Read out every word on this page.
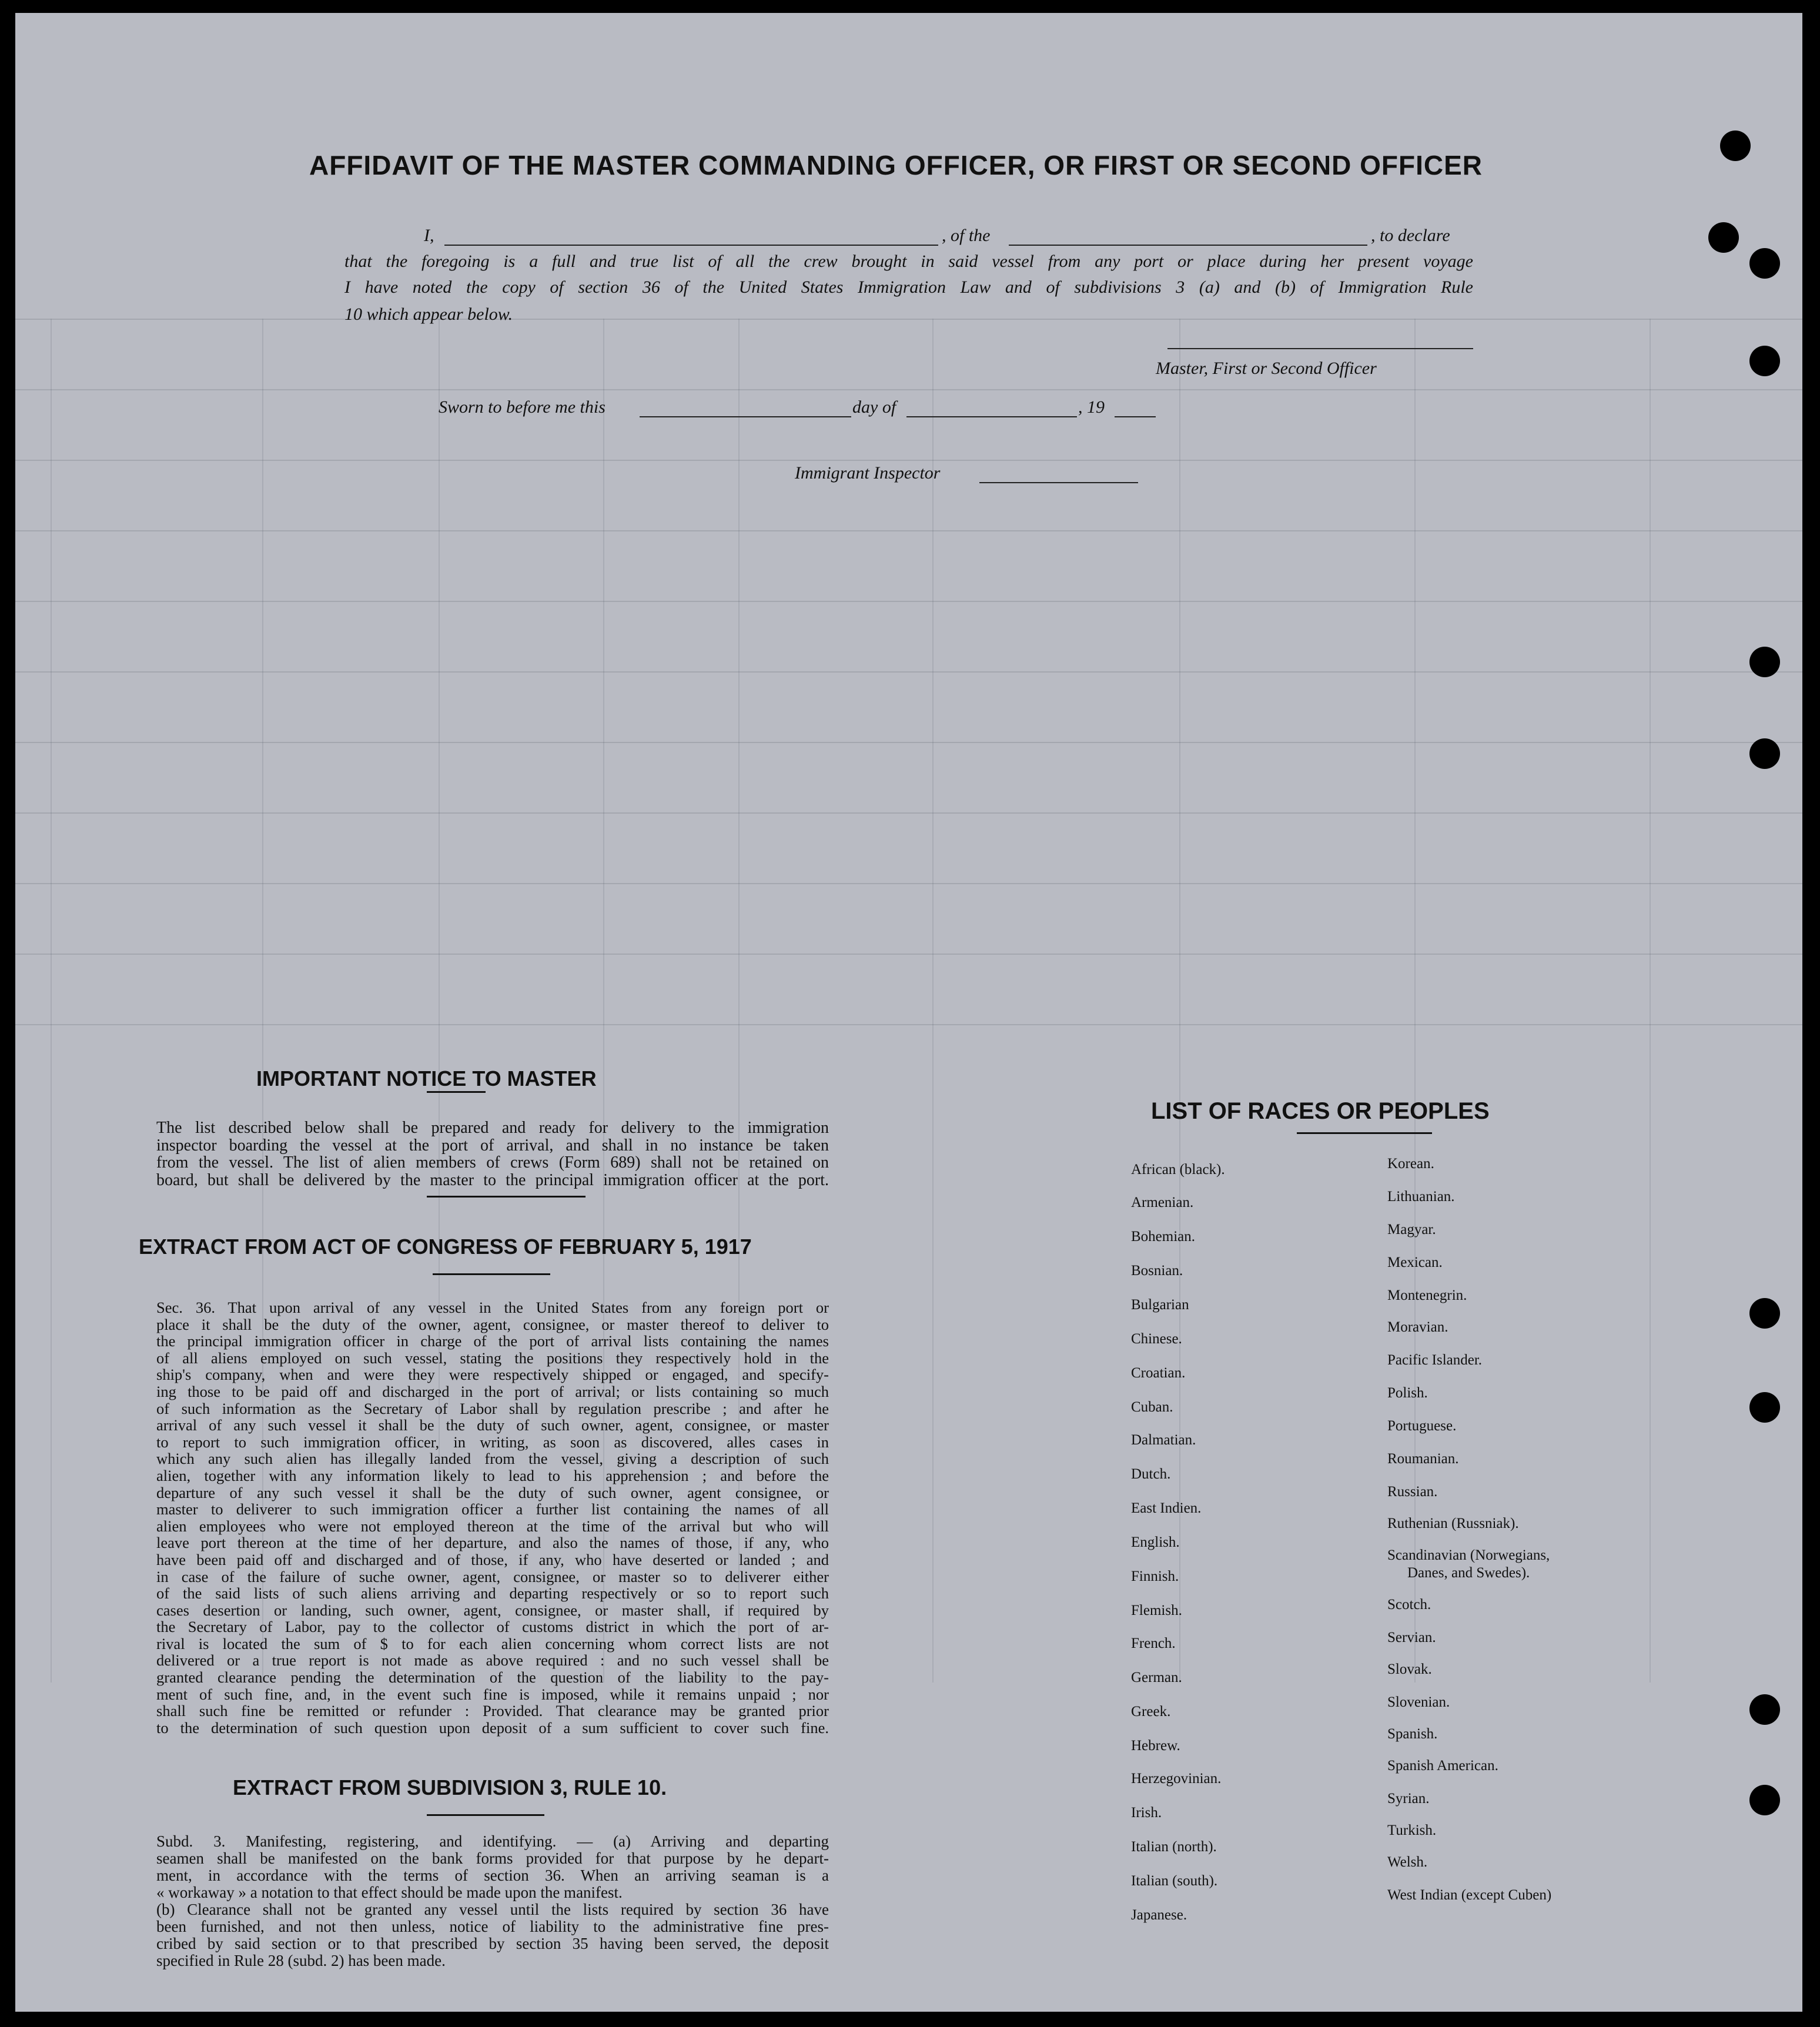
AFFIDAVIT OF THE MASTER COMMANDING OFFICER, OR FIRST OR SECOND OFFICER
I,	, of the	, to declare
that the foregoing is a full and true list of all the crew brought in said vessel from any port or place during her present voyage
I have noted the copy of section 36 of the United States Immigration Law and of subdivisions 3 (a) and (b) of Immigration Rule
10 which appear below.
Master, First or Second Officer
Sworn to before me this	day of	, 19
Immigrant Inspector
IMPORTANT NOTICE TO MASTER
The list described below shall be prepared and ready for delivery to the immigration
inspector boarding the vessel at the port of arrival, and shall in no instance be taken
from the vessel. The list of alien members of crews (Form 689) shall not be retained on
board, but shall be delivered by the master to the principal immigration officer at the port.
EXTRACT FROM ACT OF CONGRESS OF FEBRUARY 5, 1917
Sec. 36. That upon arrival of any vessel in the United States from any foreign port or
place it shall be the duty of the owner, agent, consignee, or master thereof to deliver to
the principal immigration officer in charge of the port of arrival lists containing the names
of all aliens employed on such vessel, stating the positions they respectively hold in the
ship's company, when and were they were respectively shipped or engaged, and specify-
ing those to be paid off and discharged in the port of arrival; or lists containing so much
of such information as the Secretary of Labor shall by regulation prescribe ; and after he
arrival of any such vessel it shall be the duty of such owner, agent, consignee, or master
to report to such immigration officer, in writing, as soon as discovered, alles cases in
which any such alien has illegally landed from the vessel, giving a description of such
alien, together with any information likely to lead to his apprehension ; and before the
departure of any such vessel it shall be the duty of such owner, agent consignee, or
master to deliverer to such immigration officer a further list containing the names of all
alien employees who were not employed thereon at the time of the arrival but who will
leave port thereon at the time of her departure, and also the names of those, if any, who
have been paid off and discharged and of those, if any, who have deserted or landed ; and
in case of the failure of suche owner, agent, consignee, or master so to deliverer either
of the said lists of such aliens arriving and departing respectively or so to report such
cases desertion or landing, such owner, agent, consignee, or master shall, if required by
the Secretary of Labor, pay to the collector of customs district in which the port of ar-
rival is located the sum of $ to for each alien concerning whom correct lists are not
delivered or a true report is not made as above required : and no such vessel shall be
granted clearance pending the determination of the question of the liability to the pay-
ment of such fine, and, in the event such fine is imposed, while it remains unpaid ; nor
shall such fine be remitted or refunder : Provided. That clearance may be granted prior
to the determination of such question upon deposit of a sum sufficient to cover such fine.
EXTRACT FROM SUBDIVISION 3, RULE 10.
Subd. 3. Manifesting, registering, and identifying. — (a) Arriving and departing
seamen shall be manifested on the bank forms provided for that purpose by he depart-
ment, in accordance with the terms of section 36. When an arriving seaman is a
« workaway » a notation to that effect should be made upon the manifest.
(b) Clearance shall not be granted any vessel until the lists required by section 36 have
been furnished, and not then unless, notice of liability to the administrative fine pres-
cribed by said section or to that prescribed by section 35 having been served, the deposit
specified in Rule 28 (subd. 2) has been made.
LIST OF RACES OR PEOPLES
African (black).
Armenian.
Bohemian.
Bosnian.
Bulgarian
Chinese.
Croatian.
Cuban.
Dalmatian.
Dutch.
East Indien.
English.
Finnish.
Flemish.
French.
German.
Greek.
Hebrew.
Herzegovinian.
Irish.
Italian (north).
Italian (south).
Japanese.
Korean.
Lithuanian.
Magyar.
Mexican.
Montenegrin.
Moravian.
Pacific Islander.
Polish.
Portuguese.
Roumanian.
Russian.
Ruthenian (Russniak).
Scandinavian (Norwegians,
Danes, and Swedes).
Scotch.
Servian.
Slovak.
Slovenian.
Spanish.
Spanish American.
Syrian.
Turkish.
Welsh.
West Indian (except Cuben)
